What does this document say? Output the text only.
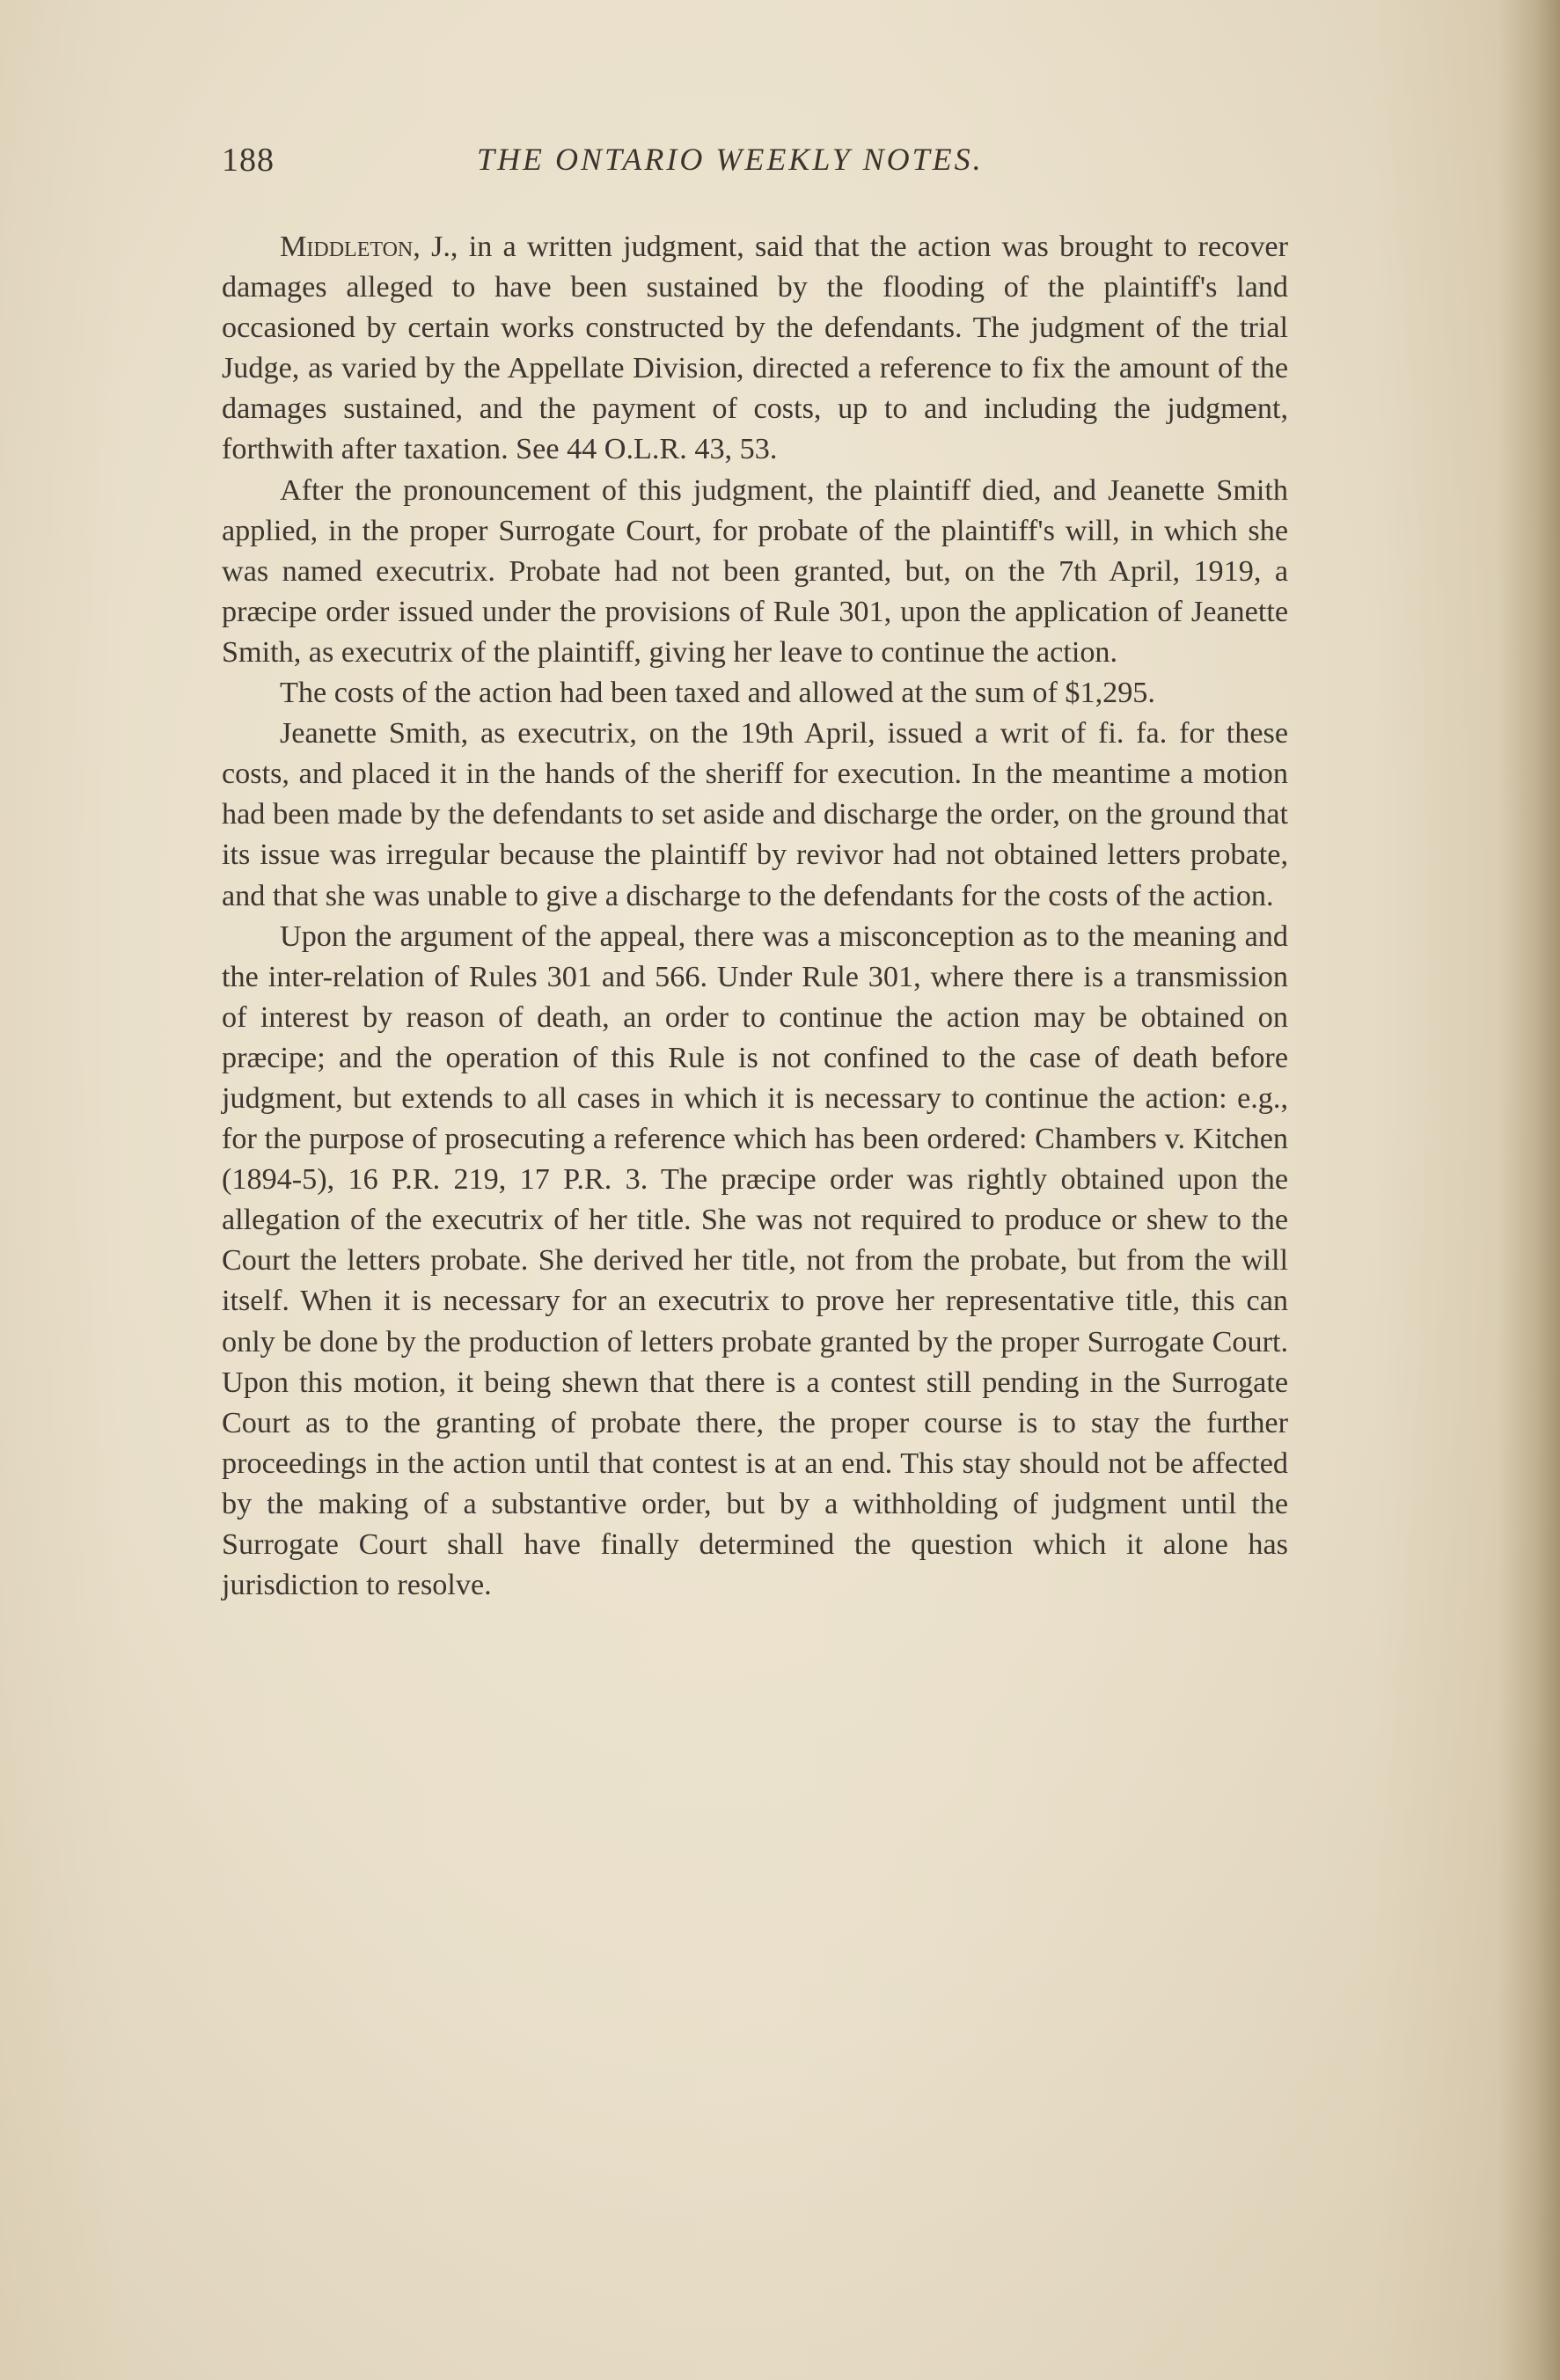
188	THE ONTARIO WEEKLY NOTES.

Middleton, J., in a written judgment, said that the action was brought to recover damages alleged to have been sustained by the flooding of the plaintiff's land occasioned by certain works constructed by the defendants. The judgment of the trial Judge, as varied by the Appellate Division, directed a reference to fix the amount of the damages sustained, and the payment of costs, up to and including the judgment, forthwith after taxation. See 44 O.L.R. 43, 53.

After the pronouncement of this judgment, the plaintiff died, and Jeanette Smith applied, in the proper Surrogate Court, for probate of the plaintiff's will, in which she was named executrix. Probate had not been granted, but, on the 7th April, 1919, a præcipe order issued under the provisions of Rule 301, upon the application of Jeanette Smith, as executrix of the plaintiff, giving her leave to continue the action.

The costs of the action had been taxed and allowed at the sum of $1,295.

Jeanette Smith, as executrix, on the 19th April, issued a writ of fi. fa. for these costs, and placed it in the hands of the sheriff for execution. In the meantime a motion had been made by the defendants to set aside and discharge the order, on the ground that its issue was irregular because the plaintiff by revivor had not obtained letters probate, and that she was unable to give a discharge to the defendants for the costs of the action.

Upon the argument of the appeal, there was a misconception as to the meaning and the inter-relation of Rules 301 and 566. Under Rule 301, where there is a transmission of interest by reason of death, an order to continue the action may be obtained on præcipe; and the operation of this Rule is not confined to the case of death before judgment, but extends to all cases in which it is necessary to continue the action: e.g., for the purpose of prosecuting a reference which has been ordered: Chambers v. Kitchen (1894-5), 16 P.R. 219, 17 P.R. 3. The præcipe order was rightly obtained upon the allegation of the executrix of her title. She was not required to produce or shew to the Court the letters probate. She derived her title, not from the probate, but from the will itself. When it is necessary for an executrix to prove her representative title, this can only be done by the production of letters probate granted by the proper Surrogate Court. Upon this motion, it being shewn that there is a contest still pending in the Surrogate Court as to the granting of probate there, the proper course is to stay the further proceedings in the action until that contest is at an end. This stay should not be affected by the making of a substantive order, but by a withholding of judgment until the Surrogate Court shall have finally determined the question which it alone has jurisdiction to resolve.
